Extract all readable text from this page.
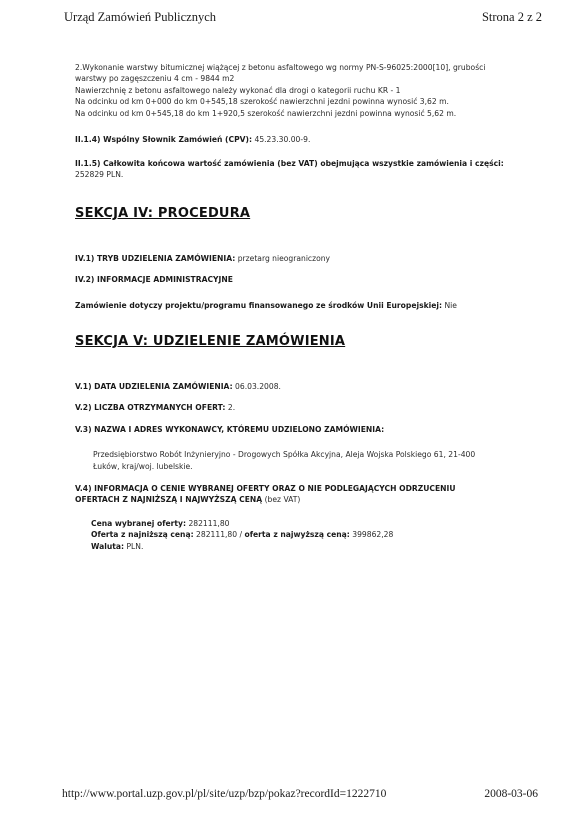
Urząd Zamówień Publicznych	Strona 2 z 2
2.Wykonanie warstwy bitumicznej wiążącej z betonu asfaltowego wg normy PN-S-96025:2000[10], grubości
warstwy po zagęszczeniu 4 cm - 9844 m2
Nawierzchnię z betonu asfaltowego należy wykonać dla drogi o kategorii ruchu KR - 1
Na odcinku od km 0+000 do km 0+545,18 szerokość nawierzchni jezdni powinna wynosić 3,62 m.
Na odcinku od km 0+545,18 do km 1+920,5 szerokość nawierzchni jezdni powinna wynosić 5,62 m.

II.1.4) Wspólny Słownik Zamówień (CPV): 45.23.30.00-9.

II.1.5) Całkowita końcowa wartość zamówienia (bez VAT) obejmująca wszystkie zamówienia i części: 252829 PLN.

SEKCJA IV: PROCEDURA

IV.1) TRYB UDZIELENIA ZAMÓWIENIA: przetarg nieograniczony

IV.2) INFORMACJE ADMINISTRACYJNE

Zamówienie dotyczy projektu/programu finansowanego ze środków Unii Europejskiej: Nie

SEKCJA V: UDZIELENIE ZAMÓWIENIA

V.1) DATA UDZIELENIA ZAMÓWIENIA: 06.03.2008.

V.2) LICZBA OTRZYMANYCH OFERT: 2.

V.3) NAZWA I ADRES WYKONAWCY, KTÓREMU UDZIELONO ZAMÓWIENIA:

Przedsiębiorstwo Robót Inżynieryjno - Drogowych Spółka Akcyjna, Aleja Wojska Polskiego 61, 21-400
Łuków, kraj/woj. lubelskie.
V.4) INFORMACJA O CENIE WYBRANEJ OFERTY ORAZ O NIE PODLEGAJĄCYCH ODRZUCENIU
OFERTACH Z NAJNIŻSZĄ I NAJWYŻSZĄ CENĄ (bez VAT)
Cena wybranej oferty: 282111,80
Oferta z najniższą ceną: 282111,80 / oferta z najwyższą ceną: 399862,28
Waluta: PLN.
http://www.portal.uzp.gov.pl/pl/site/uzp/bzp/pokaz?recordId=1222710	2008-03-06
